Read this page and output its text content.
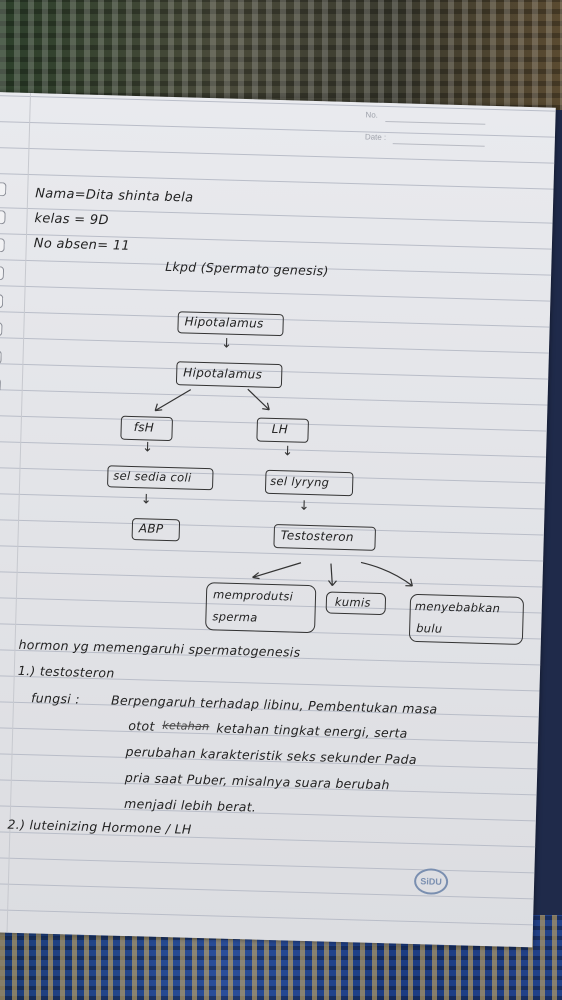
No.
Date :
Nama=Dita shinta bela
kelas = 9D
No absen= 11
Lkpd (Spermato genesis)
Hipotalamus
↓
Hipotalamus
fsH	LH
↓	↓
sel sedia coli	sel lyryng
↓	↓
ABP	Testosteron
memprodutsi
sperma
kumis	menyebabkan
bulu
hormon yg memengaruhi spermatogenesis
1.) testosteron
fungsi : Berpengaruh terhadap libinu, Pembentukan masa
otot ketahan ketahan tingkat energi, serta
perubahan karakteristik seks sekunder Pada
pria saat Puber, misalnya suara berubah
menjadi lebih berat.
2.) luteinizing Hormone / LH
SiDU
